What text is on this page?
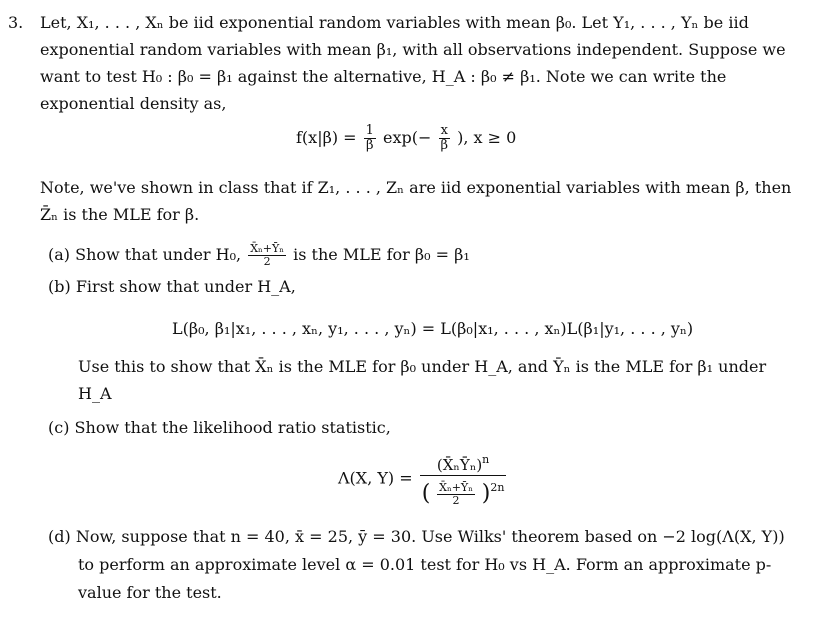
3. Let, X₁, . . . , Xₙ be iid exponential random variables with mean β₀. Let Y₁, . . . , Yₙ be iid
exponential random variables with mean β₁, with all observations independent. Suppose we
want to test H₀ : β₀ = β₁ against the alternative, H_A : β₀ ≠ β₁. Note we can write the
exponential density as,
$f(x|\beta) = \frac{1}{\beta} \exp(- \frac{x}{\beta}$ ), x ≥ 0
Note, we've shown in class that if Z₁, . . . , Zₙ are iid exponential variables with mean β, then
Z̄ₙ is the MLE for β.
(a) Show that under H₀, $\frac{\text{X̄ₙ+Ȳₙ}}{2}$ is the MLE for β₀ = β₁
(b) First show that under H_A,
L(β₀, β₁|x₁, . . . , xₙ, y₁, . . . , yₙ) = L(β₀|x₁, . . . , xₙ)L(β₁|y₁, . . . , yₙ)
Use this to show that X̄ₙ is the MLE for β₀ under H_A, and Ȳₙ is the MLE for β₁ under
H_A
(c) Show that the likelihood ratio statistic,
Λ(X, $Y) = \frac{(X̄_nȲ_n)^n}{( \frac{\text{X̄ₙ+Ȳₙ}}{2} )^{2n}}$
(d) Now, suppose that n = 40, x̄ = 25, ȳ = 30. Use Wilks' theorem based on −2 log(Λ(X, Y))
to perform an approximate level α = 0.01 test for H₀ vs H_A. Form an approximate p-
value for the test.
